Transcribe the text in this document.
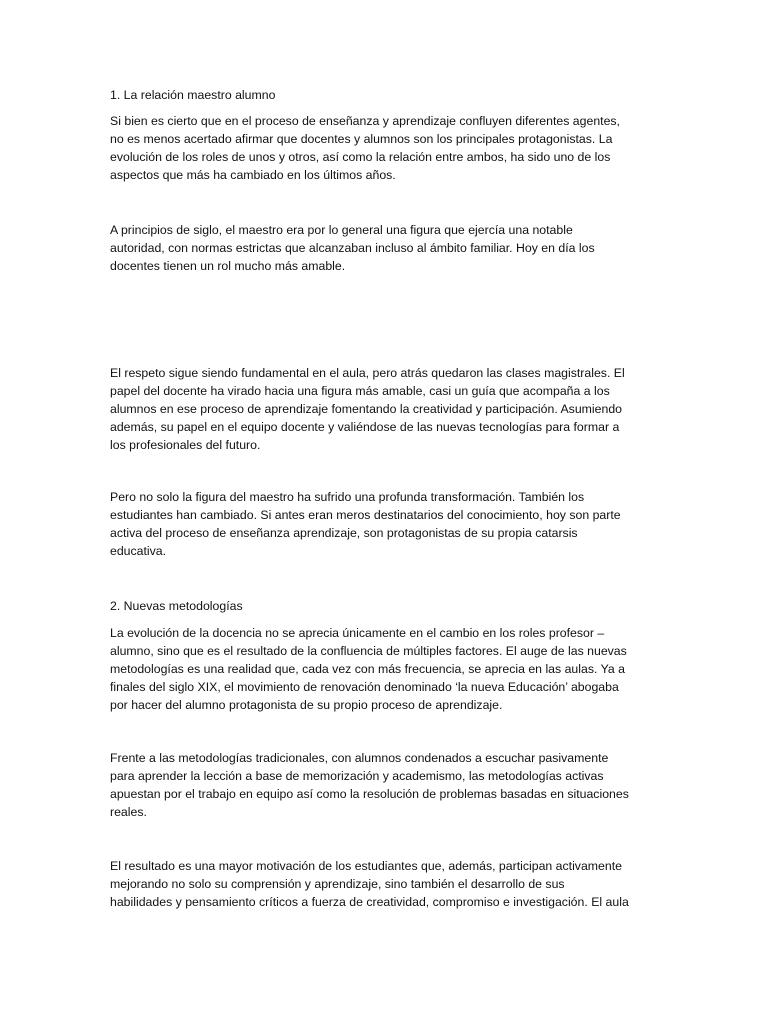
1. La relación maestro alumno

Si bien es cierto que en el proceso de enseñanza y aprendizaje confluyen diferentes agentes,
no es menos acertado afirmar que docentes y alumnos son los principales protagonistas. La
evolución de los roles de unos y otros, así como la relación entre ambos, ha sido uno de los
aspectos que más ha cambiado en los últimos años.

A principios de siglo, el maestro era por lo general una figura que ejercía una notable
autoridad, con normas estrictas que alcanzaban incluso al ámbito familiar. Hoy en día los
docentes tienen un rol mucho más amable.

El respeto sigue siendo fundamental en el aula, pero atrás quedaron las clases magistrales. El
papel del docente ha virado hacia una figura más amable, casi un guía que acompaña a los
alumnos en ese proceso de aprendizaje fomentando la creatividad y participación. Asumiendo
además, su papel en el equipo docente y valiéndose de las nuevas tecnologías para formar a
los profesionales del futuro.

Pero no solo la figura del maestro ha sufrido una profunda transformación. También los
estudiantes han cambiado. Si antes eran meros destinatarios del conocimiento, hoy son parte
activa del proceso de enseñanza aprendizaje, son protagonistas de su propia catarsis
educativa.

2. Nuevas metodologías

La evolución de la docencia no se aprecia únicamente en el cambio en los roles profesor –
alumno, sino que es el resultado de la confluencia de múltiples factores. El auge de las nuevas
metodologías es una realidad que, cada vez con más frecuencia, se aprecia en las aulas. Ya a
finales del siglo XIX, el movimiento de renovación denominado ‘la nueva Educación’ abogaba
por hacer del alumno protagonista de su propio proceso de aprendizaje.

Frente a las metodologías tradicionales, con alumnos condenados a escuchar pasivamente
para aprender la lección a base de memorización y academismo, las metodologías activas
apuestan por el trabajo en equipo así como la resolución de problemas basadas en situaciones
reales.

El resultado es una mayor motivación de los estudiantes que, además, participan activamente
mejorando no solo su comprensión y aprendizaje, sino también el desarrollo de sus
habilidades y pensamiento críticos a fuerza de creatividad, compromiso e investigación. El aula
